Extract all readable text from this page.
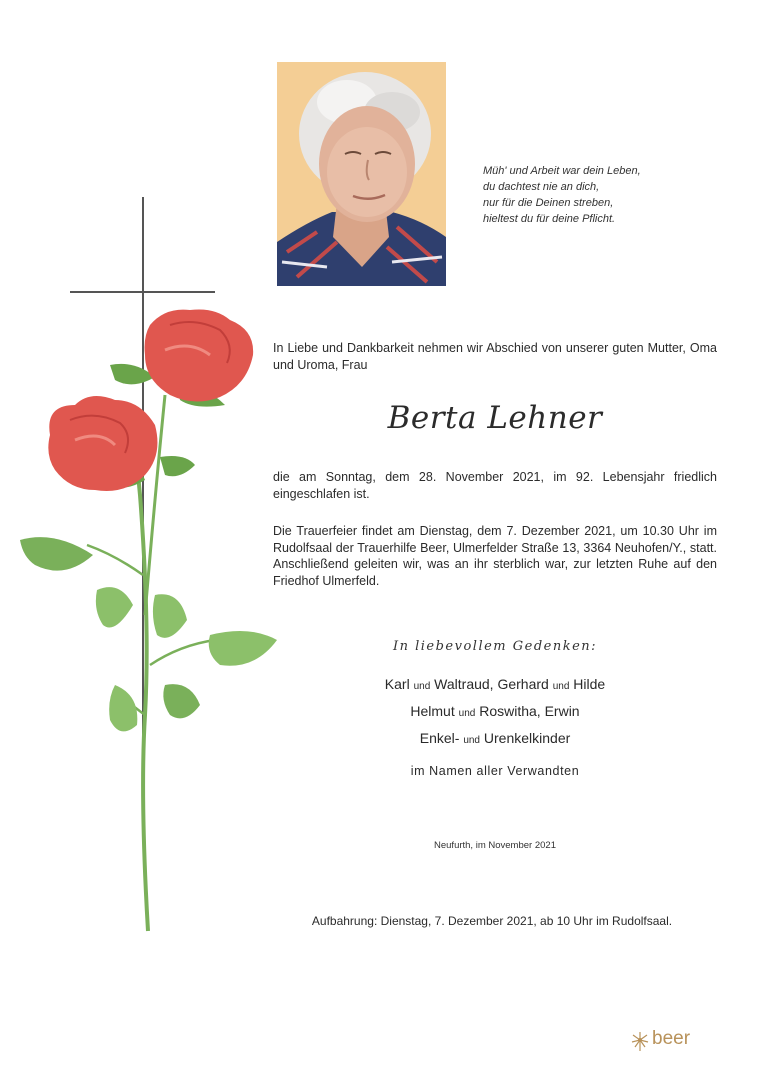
Müh' und Arbeit war dein Leben,
du dachtest nie an dich,
nur für die Deinen streben,
hieltest du für deine Pflicht.
In Liebe und Dankbarkeit nehmen wir Abschied von unserer guten Mutter, Oma und Uroma, Frau
Berta Lehner
die am Sonntag, dem 28. November 2021, im 92. Lebensjahr friedlich eingeschlafen ist.
Die Trauerfeier findet am Dienstag, dem 7. Dezember 2021, um 10.30 Uhr im Rudolfsaal der Trauerhilfe Beer, Ulmerfelder Straße 13, 3364 Neuhofen/Y., statt. Anschließend geleiten wir, was an ihr sterblich war, zur letzten Ruhe auf den Friedhof Ulmerfeld.
In liebevollem Gedenken:
Karl und Waltraud, Gerhard und Hilde
Helmut und Roswitha, Erwin
Enkel- und Urenkelkinder
im Namen aller Verwandten
Neufurth, im November 2021
Aufbahrung: Dienstag, 7. Dezember 2021, ab 10 Uhr im Rudolfsaal.
beer
